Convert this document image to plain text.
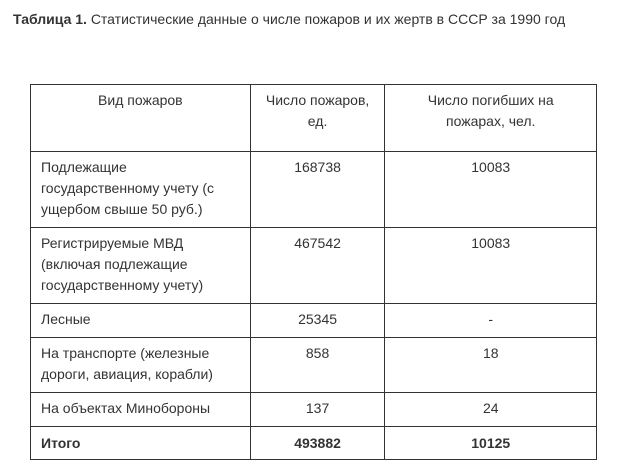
Таблица 1. Статистические данные о числе пожаров и их жертв в СССР за 1990 год
Вид пожаров	Число пожаров, ед.	Число погибших на пожарах, чел.
Подлежащие государственному учету (с ущербом свыше 50 руб.)	168738	10083
Регистрируемые МВД (включая подлежащие государственному учету)	467542	10083
Лесные	25345	-
На транспорте (железные дороги, авиация, корабли)	858	18
На объектах Минобороны	137	24
Итого	493882	10125
